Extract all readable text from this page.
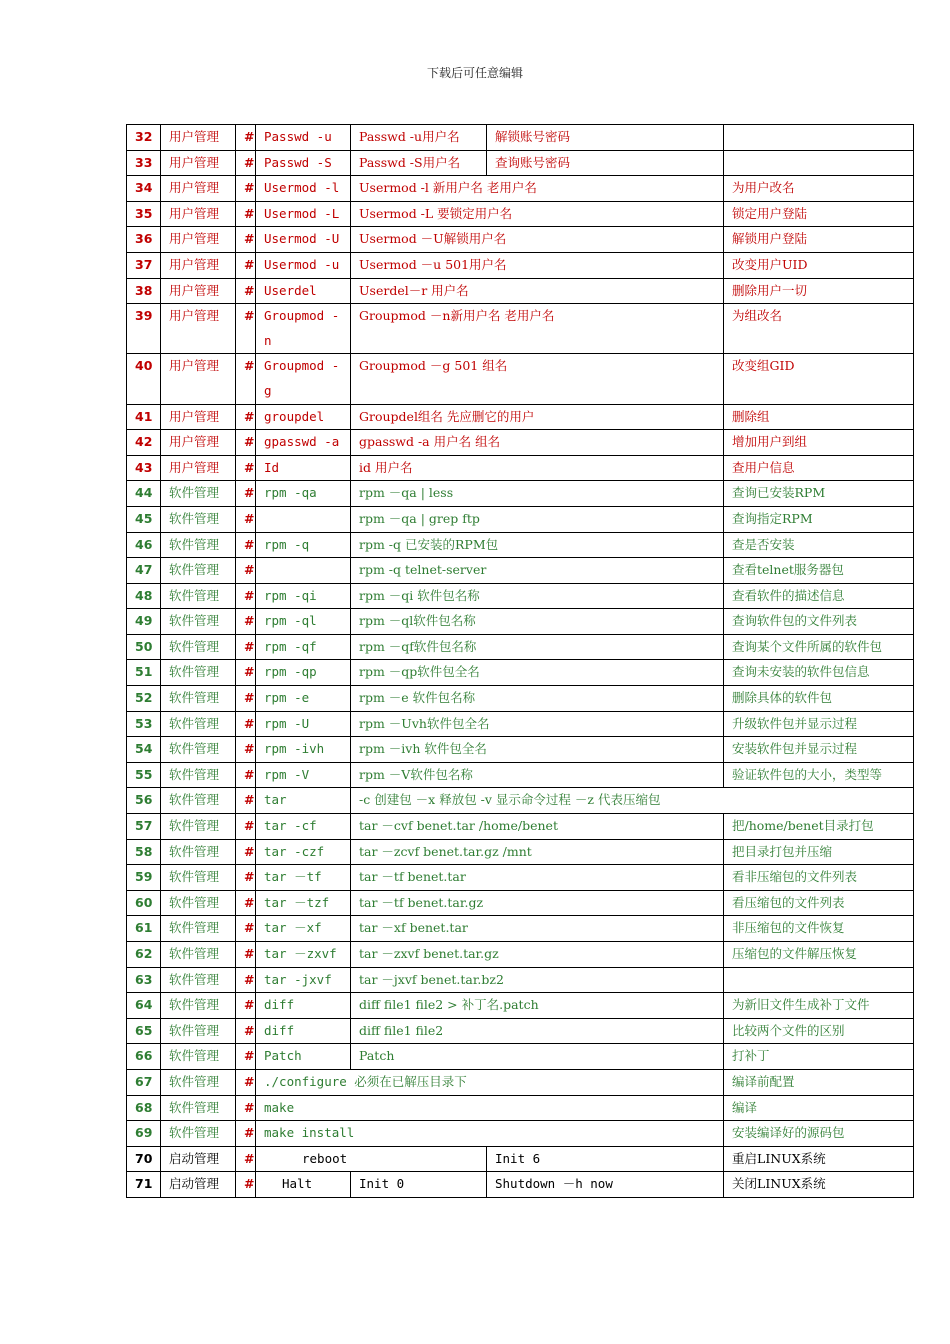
下载后可任意编辑
32	用户管理	#	Passwd -u	Passwd -u用户名	解锁账号密码	
33	用户管理	#	Passwd -S	Passwd -S用户名	查询账号密码	
34	用户管理	#	Usermod -l	Usermod -l 新用户名 老用户名		为用户改名
35	用户管理	#	Usermod -L	Usermod -L 要锁定用户名		锁定用户登陆
36	用户管理	#	Usermod -U	Usermod －U解锁用户名		解锁用户登陆
37	用户管理	#	Usermod -u	Usermod －u 501用户名		改变用户UID
38	用户管理	#	Userdel	Userdel－r 用户名		删除用户一切
39	用户管理	#	Groupmod -n	Groupmod －n新用户名 老用户名		为组改名
40	用户管理	#	Groupmod -g	Groupmod －g 501 组名		改变组GID
41	用户管理	#	groupdel	Groupdel组名 先应删它的用户		删除组
42	用户管理	#	gpasswd -a	gpasswd -a 用户名 组名		增加用户到组
43	用户管理	#	Id	id 用户名		查用户信息
44	软件管理	#	rpm -qa	rpm －qa | less		查询已安装RPM
45	软件管理	#		rpm －qa | grep ftp		查询指定RPM
46	软件管理	#	rpm -q	rpm -q 已安装的RPM包		查是否安装
47	软件管理	#		rpm -q telnet-server		查看telnet服务器包
48	软件管理	#	rpm -qi	rpm －qi 软件包名称		查看软件的描述信息
49	软件管理	#	rpm -ql	rpm －ql软件包名称		查询软件包的文件列表
50	软件管理	#	rpm -qf	rpm －qf软件包名称		查询某个文件所属的软件包
51	软件管理	#	rpm -qp	rpm －qp软件包全名		查询未安装的软件包信息
52	软件管理	#	rpm -e	rpm －e 软件包名称		删除具体的软件包
53	软件管理	#	rpm -U	rpm －Uvh软件包全名		升级软件包并显示过程
54	软件管理	#	rpm -ivh	rpm －ivh 软件包全名		安装软件包并显示过程
55	软件管理	#	rpm -V	rpm －V软件包名称		验证软件包的大小，类型等
56	软件管理	#	tar	-c 创建包 －x 释放包 -v 显示命令过程 －z 代表压缩包		
57	软件管理	#	tar -cf	tar －cvf benet.tar /home/benet		把/home/benet目录打包
58	软件管理	#	tar -czf	tar －zcvf benet.tar.gz /mnt		把目录打包并压缩
59	软件管理	#	tar －tf	tar －tf benet.tar		看非压缩包的文件列表
60	软件管理	#	tar －tzf	tar －tf benet.tar.gz		看压缩包的文件列表
61	软件管理	#	tar －xf	tar －xf benet.tar		非压缩包的文件恢复
62	软件管理	#	tar －zxvf	tar －zxvf benet.tar.gz		压缩包的文件解压恢复
63	软件管理	#	tar -jxvf	tar －jxvf benet.tar.bz2		
64	软件管理	#	diff	diff file1 file2 > 补丁名.patch		为新旧文件生成补丁文件
65	软件管理	#	diff	diff file1 file2		比较两个文件的区别
66	软件管理	#	Patch	Patch		打补丁
67	软件管理	#	./configure 必须在已解压目录下			编译前配置
68	软件管理	#	make			编译
69	软件管理	#	make install			安装编译好的源码包
70	启动管理	#	reboot		Init 6	重启LINUX系统
71	启动管理	#	Halt	Init 0	Shutdown －h now	关闭LINUX系统
